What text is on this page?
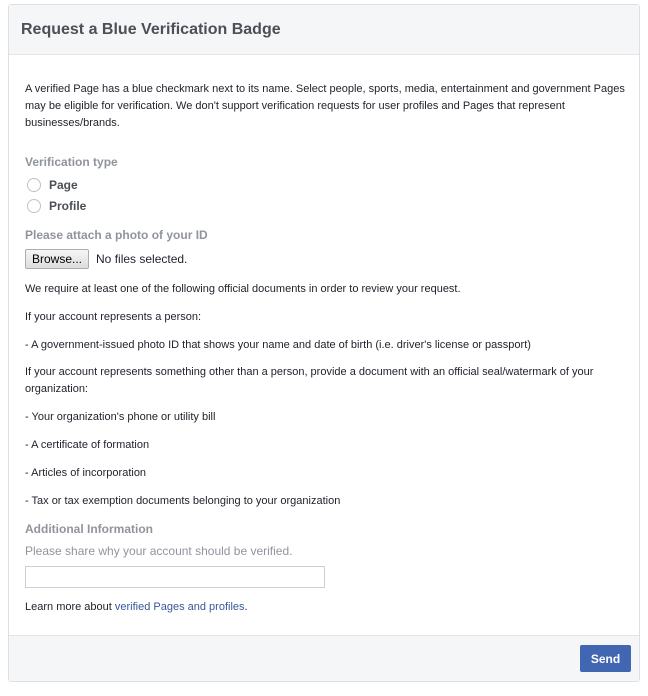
Request a Blue Verification Badge

A verified Page has a blue checkmark next to its name. Select people, sports, media, entertainment and government Pages may be eligible for verification. We don't support verification requests for user profiles and Pages that represent businesses/brands.

Verification type
Page
Profile
Please attach a photo of your ID
Browse...	No files selected.

We require at least one of the following official documents in order to review your request.

If your account represents a person:

- A government-issued photo ID that shows your name and date of birth (i.e. driver's license or passport)

If your account represents something other than a person, provide a document with an official seal/watermark of your organization:

- Your organization's phone or utility bill

- A certificate of formation

- Articles of incorporation

- Tax or tax exemption documents belonging to your organization

Additional Information
Please share why your account should be verified.

Learn more about verified Pages and profiles.

Send
